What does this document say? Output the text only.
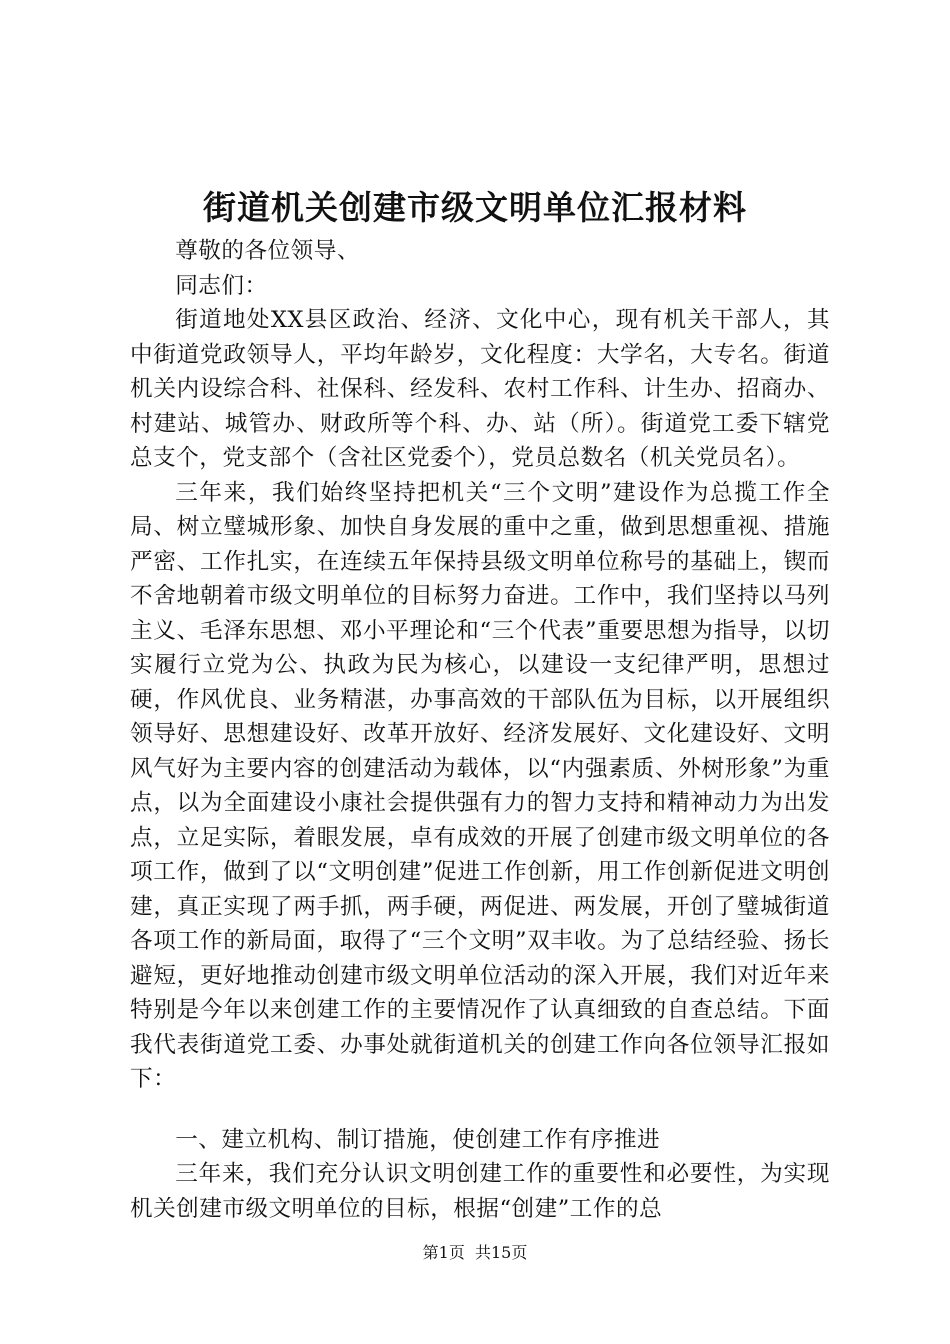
街道机关创建市级文明单位汇报材料
尊敬的各位领导、
同志们：

街道地处XX县区政治、经济、文化中心，现有机关干部人，其中街道党政领导人，平均年龄岁，文化程度：大学名，大专名。街道机关内设综合科、社保科、经发科、农村工作科、计生办、招商办、村建站、城管办、财政所等个科、办、站（所）。街道党工委下辖党总支个，党支部个（含社区党委个），党员总数名（机关党员名）。

三年来，我们始终坚持把机关“三个文明”建设作为总揽工作全局、树立璧城形象、加快自身发展的重中之重，做到思想重视、措施严密、工作扎实，在连续五年保持县级文明单位称号的基础上，锲而不舍地朝着市级文明单位的目标努力奋进。工作中，我们坚持以马列主义、毛泽东思想、邓小平理论和“三个代表”重要思想为指导，以切实履行立党为公、执政为民为核心，以建设一支纪律严明，思想过硬，作风优良、业务精湛，办事高效的干部队伍为目标，以开展组织领导好、思想建设好、改革开放好、经济发展好、文化建设好、文明风气好为主要内容的创建活动为载体，以“内强素质、外树形象”为重点，以为全面建设小康社会提供强有力的智力支持和精神动力为出发点，立足实际，着眼发展，卓有成效的开展了创建市级文明单位的各项工作，做到了以“文明创建”促进工作创新，用工作创新促进文明创建，真正实现了两手抓，两手硬，两促进、两发展，开创了璧城街道各项工作的新局面，取得了“三个文明”双丰收。为了总结经验、扬长避短，更好地推动创建市级文明单位活动的深入开展，我们对近年来特别是今年以来创建工作的主要情况作了认真细致的自查总结。下面我代表街道党工委、办事处就街道机关的创建工作向各位领导汇报如下：

一、建立机构、制订措施，使创建工作有序推进

三年来，我们充分认识文明创建工作的重要性和必要性，为实现机关创建市级文明单位的目标，根据“创建”工作的总

第1页  共15页
